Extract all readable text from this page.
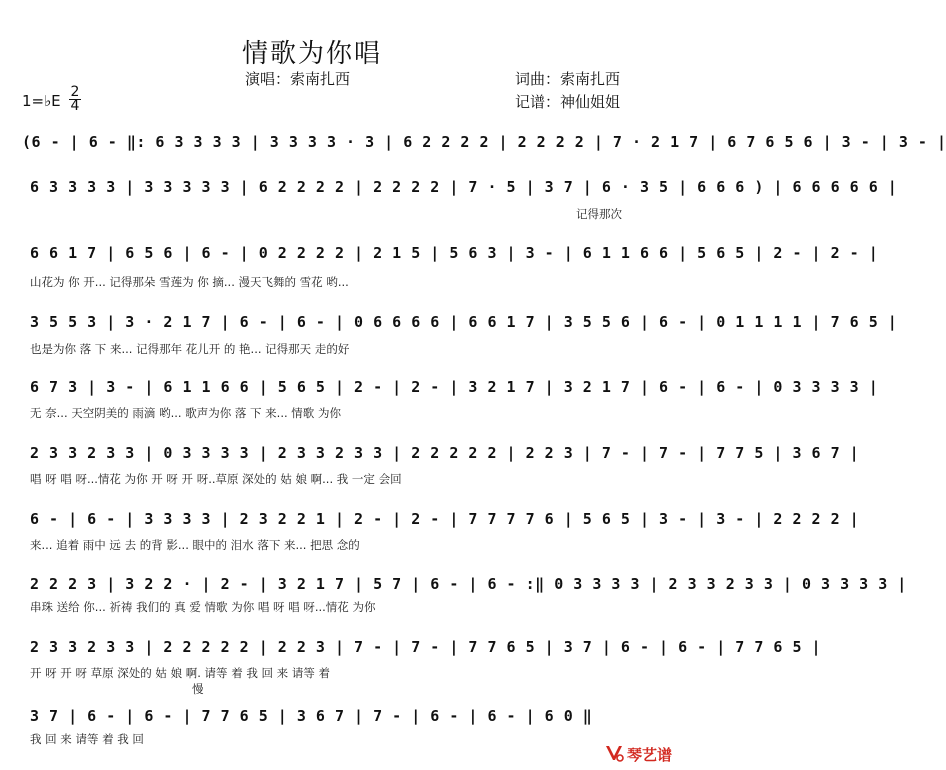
情歌为你唱
演唱：索南扎西	词曲：索南扎西
记谱：神仙姐姐
1=♭E 2
4
(6 - | 6 - ‖: 6 3 3 3 3 | 3 3 3 3 · 3 | 6 2 2 2 2 | 2 2 2 2 | 7 · 2 1 7 | 6 7 6 5 6 | 3 - | 3 - |
6 3 3 3 3 | 3 3 3 3 3 | 6 2 2 2 2 | 2 2 2 2 | 7 · 5 | 3 7 | 6 · 3 5 | 6 6 6 ) | 6 6 6 6 6 |
记得那次
6 6 1 7 | 6 5 6 | 6 - | 0 2 2 2 2 | 2 1 5 | 5 6 3 | 3 - | 6 1 1 6 6 | 5 6 5 | 2 - | 2 - |
山花为 你 开... 记得那朵 雪莲为 你 摘... 漫天飞舞的 雪花 哟...
3 5 5 3 | 3 · 2 1 7 | 6 - | 6 - | 0 6 6 6 6 | 6 6 1 7 | 3 5 5 6 | 6 - | 0 1 1 1 1 | 7 6 5 |
也是为你 落 下 来... 记得那年 花儿开 的 艳... 记得那天 走的好
6 7 3 | 3 - | 6 1 1 6 6 | 5 6 5 | 2 - | 2 - | 3 2 1 7 | 3 2 1 7 | 6 - | 6 - | 0 3 3 3 3 |
无 奈... 天空阴美的 雨滴 哟... 歌声为你 落 下 来... 情歌 为你
2 3 3 2 3 3 | 0 3 3 3 3 | 2 3 3 2 3 3 | 2 2 2 2 2 | 2 2 3 | 7 - | 7 - | 7 7 5 | 3 6 7 |
唱 呀 唱 呀...情花 为你 开 呀 开 呀..草原 深处的 姑 娘 啊... 我 一定 会回
6 - | 6 - | 3 3 3 3 | 2 3 2 2 1 | 2 - | 2 - | 7 7 7 7 6 | 5 6 5 | 3 - | 3 - | 2 2 2 2 |
来... 追着 雨中 远 去 的背 影... 眼中的 泪水 落下 来... 把思 念的
2 2 2 3 | 3 2 2 · | 2 - | 3 2 1 7 | 5 7 | 6 - | 6 - :‖ 0 3 3 3 3 | 2 3 3 2 3 3 | 0 3 3 3 3 |
串珠 送给 你... 祈祷 我们的 真 爱 情歌 为你 唱 呀 唱 呀...情花 为你
2 3 3 2 3 3 | 2 2 2 2 2 | 2 2 3 | 7 - | 7 - | 7 7 6 5 | 3 7 | 6 - | 6 - | 7 7 6 5 |
开 呀 开 呀 草原 深处的 姑 娘 啊. 请等 着 我 回 来 请等 着
慢
3 7 | 6 - | 6 - | 7 7 6 5 | 3 6 7 | 7 - | 6 - | 6 - | 6 0 ‖
我 回 来 请等 着 我 回
琴艺谱
